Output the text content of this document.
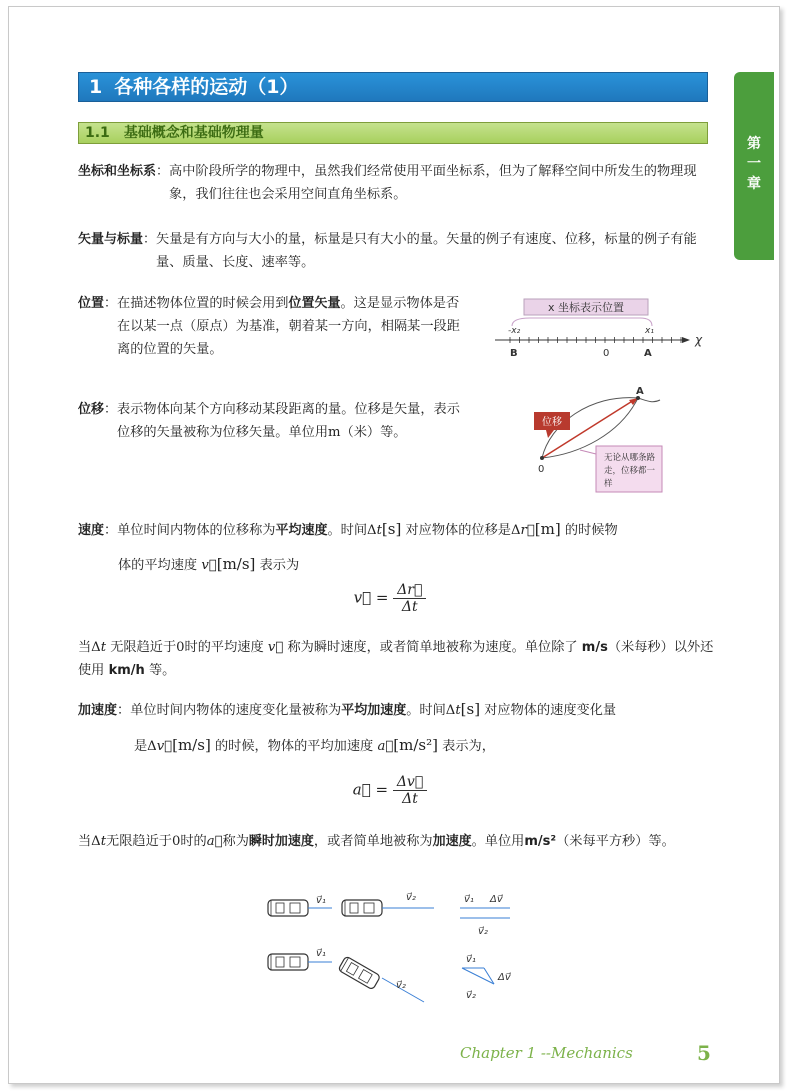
1 各种各样的运动（1）
1.1 基础概念和基础物理量
第
一
章
坐标和坐标系： 高中阶段所学的物理中，虽然我们经常使用平面坐标系，但为了解释空间中所发生的物理现象，我们往往也会采用空间直角坐标系。
矢量与标量： 矢量是有方向与大小的量，标量是只有大小的量。矢量的例子有速度、位移，标量的例子有能量、质量、长度、速率等。
位置： 在描述物体位置的时候会用到位置矢量。这是显示物体是否在以某一点（原点）为基准，朝着某一方向，相隔某一段距离的位置的矢量。
x 坐标表示位置
-x₂	x₁
χ
B	0	A
位移： 表示物体向某个方向移动某段距离的量。位移是矢量，表示位移的矢量被称为位移矢量。单位用m（米）等。
A
0
位移
无论从哪条路
走，位移都一
样
速度：单位时间内物体的位移称为平均速度。时间Δt[s] 对应物体的位移是Δr⃗[m] 的时候物
体的平均速度 v⃗[m/s] 表示为
v⃗ = $\frac{\Delta r⃗}{\Delta t}$
当Δt 无限趋近于0时的平均速度 v⃗ 称为瞬时速度，或者简单地被称为速度。单位除了 m/s（米每秒）以外还使用 km/h 等。
加速度：单位时间内物体的速度变化量被称为平均加速度。时间Δt[s] 对应物体的速度变化量
是Δv⃗[m/s] 的时候，物体的平均加速度 a⃗[m/s²] 表示为，
a⃗ = $\frac{\Delta v⃗}{\Delta t}$
当Δt无限趋近于0时的a⃗称为瞬时加速度，或者简单地被称为加速度。单位用m/s²（米每平方秒）等。
v⃗₁	v⃗₂	v⃗₁ Δv⃗
v⃗₂
v⃗₁
v⃗₂
v⃗₁
Δv⃗
v⃗₂
Chapter 1 --Mechanics	5
